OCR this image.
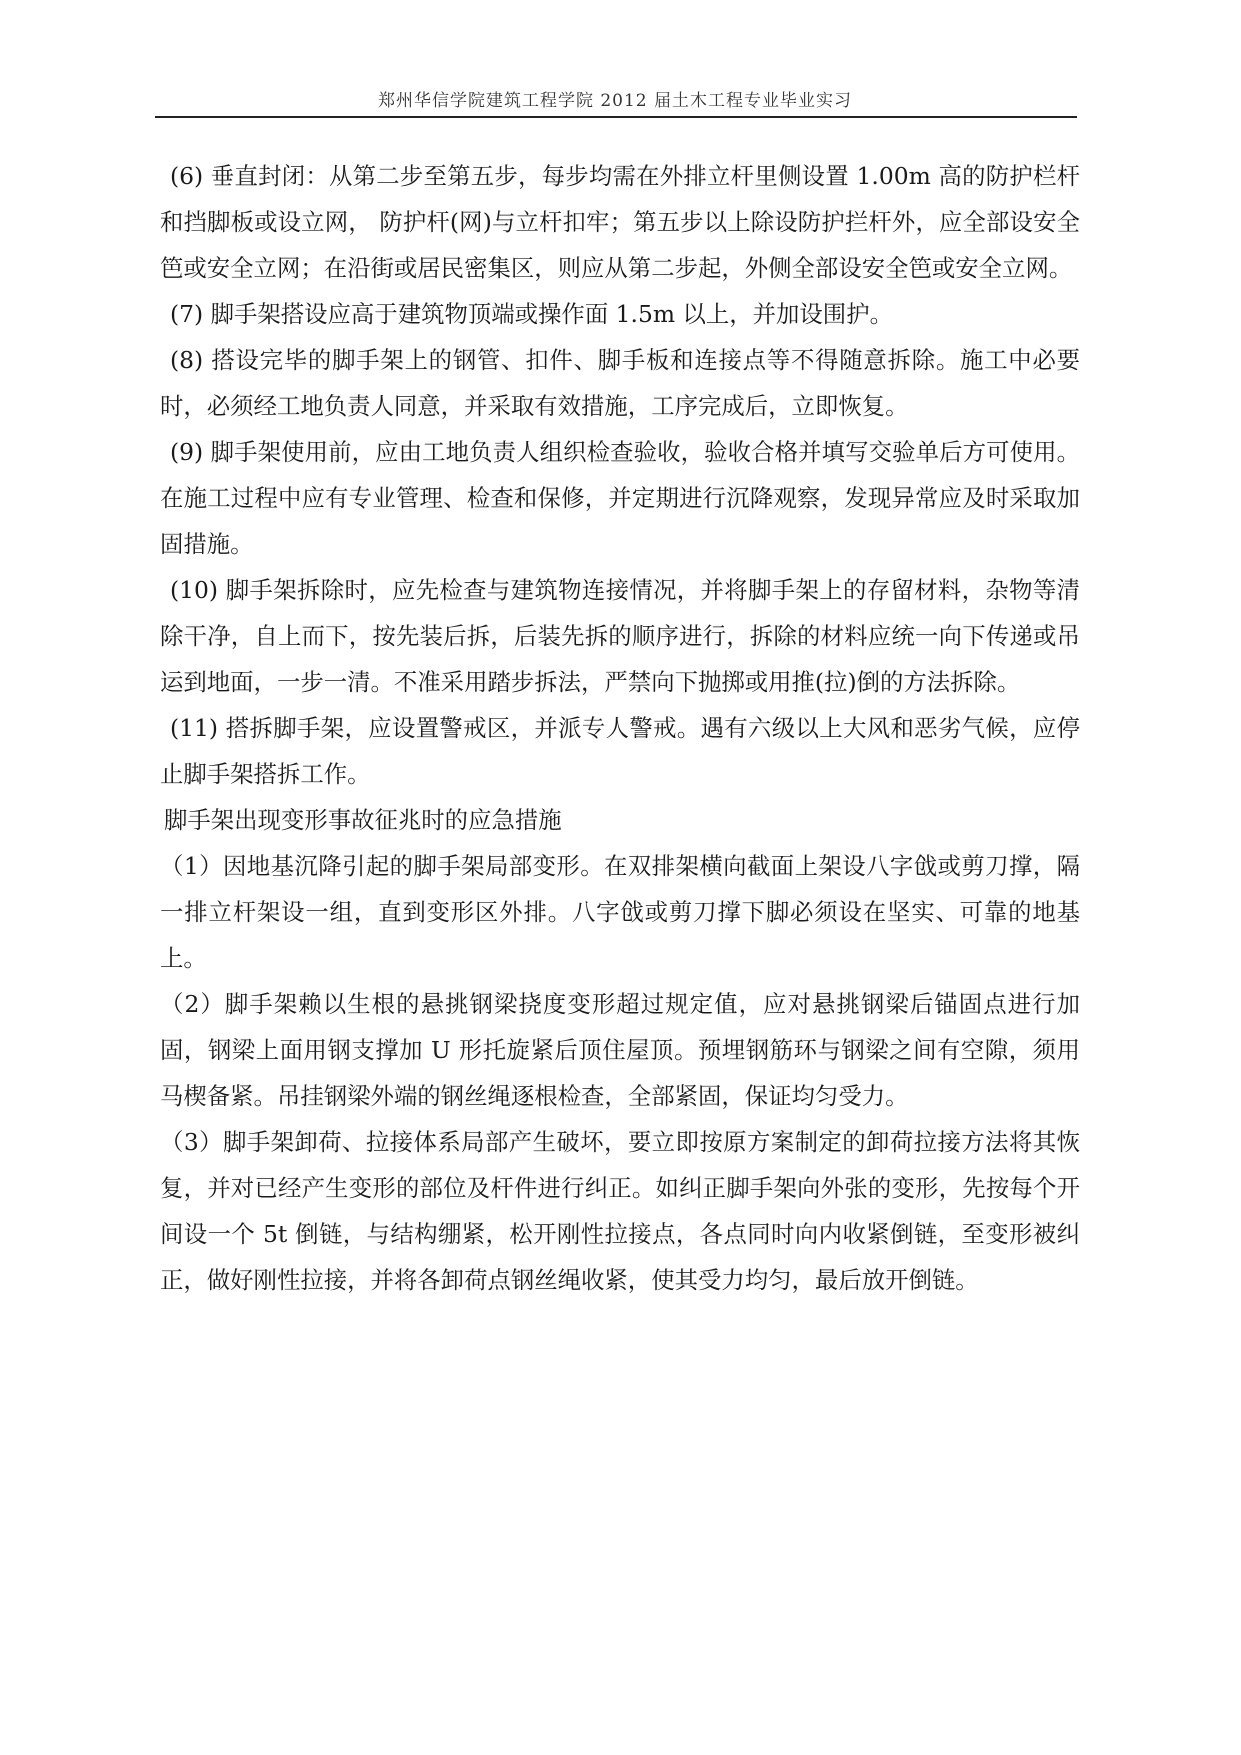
郑州华信学院建筑工程学院 2012 届土木工程专业毕业实习

(6) 垂直封闭：从第二步至第五步，每步均需在外排立杆里侧设置 1.00m 高的防护栏杆和挡脚板或设立网， 防护杆(网)与立杆扣牢；第五步以上除设防护拦杆外，应全部设安全笆或安全立网；在沿街或居民密集区，则应从第二步起，外侧全部设安全笆或安全立网。

(7) 脚手架搭设应高于建筑物顶端或操作面 1.5m 以上，并加设围护。

(8) 搭设完毕的脚手架上的钢管、扣件、脚手板和连接点等不得随意拆除。施工中必要时，必须经工地负责人同意，并采取有效措施，工序完成后，立即恢复。

(9) 脚手架使用前，应由工地负责人组织检查验收，验收合格并填写交验单后方可使用。在施工过程中应有专业管理、检查和保修，并定期进行沉降观察，发现异常应及时采取加固措施。

(10) 脚手架拆除时，应先检查与建筑物连接情况，并将脚手架上的存留材料，杂物等清除干净，自上而下，按先装后拆，后装先拆的顺序进行，拆除的材料应统一向下传递或吊运到地面，一步一清。不准采用踏步拆法，严禁向下抛掷或用推(拉)倒的方法拆除。

(11) 搭拆脚手架，应设置警戒区，并派专人警戒。遇有六级以上大风和恶劣气候，应停止脚手架搭拆工作。

脚手架出现变形事故征兆时的应急措施

（1）因地基沉降引起的脚手架局部变形。在双排架横向截面上架设八字戗或剪刀撑，隔一排立杆架设一组，直到变形区外排。八字戗或剪刀撑下脚必须设在坚实、可靠的地基上。

（2）脚手架赖以生根的悬挑钢梁挠度变形超过规定值，应对悬挑钢梁后锚固点进行加固，钢梁上面用钢支撑加 U 形托旋紧后顶住屋顶。预埋钢筋环与钢梁之间有空隙，须用马楔备紧。吊挂钢梁外端的钢丝绳逐根检查，全部紧固，保证均匀受力。

（3）脚手架卸荷、拉接体系局部产生破坏，要立即按原方案制定的卸荷拉接方法将其恢复，并对已经产生变形的部位及杆件进行纠正。如纠正脚手架向外张的变形，先按每个开间设一个 5t 倒链，与结构绷紧，松开刚性拉接点，各点同时向内收紧倒链，至变形被纠正，做好刚性拉接，并将各卸荷点钢丝绳收紧，使其受力均匀，最后放开倒链。
